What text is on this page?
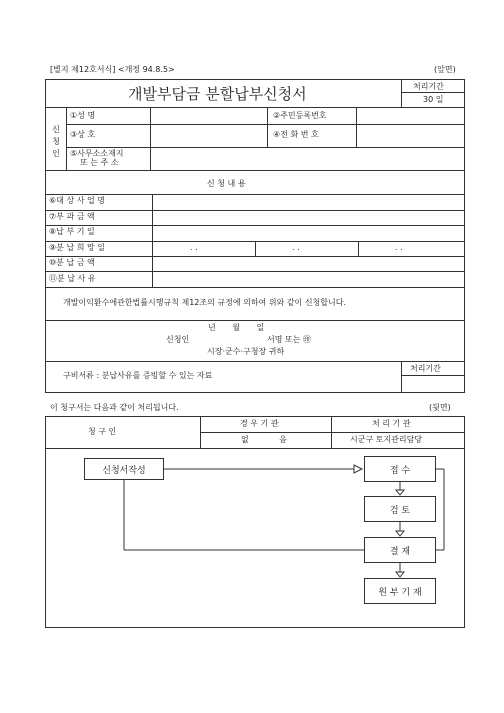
[별지 제12호서식] <개정 94.8.5>	(앞면)
개발부담금 분할납부신청서	처리기간
30 일
신 청 인
①성 명	②주민등록번호
③상 호	④전 화 번 호
⑤사무소소재지
또 는 주 소
신 청 내 용
⑥대 상 사 업 명
⑦부 과 금 액
⑧납 부 기 일
⑨분 납 희 망 일	. .	. .	. .
⑩분 납 금 액
⑪분 납 사 유
개발이익환수에관한법률시행규칙 제12조의 규정에 의하여 위와 같이 신청합니다.
년 월 일
신청인	서명 또는 ㊞
시장·군수·구청장 귀하
구비서류 : 분납사유를 증빙할 수 있는 자료
처리기간
이 청구서는 다음과 같이 처리됩니다.	(뒷면)
청 구 인
경 우 기 관
없 음
처 리 기 관
시군구 토지관리담당
신청서작성	접 수
검 토
결 재
원 부 기 재
